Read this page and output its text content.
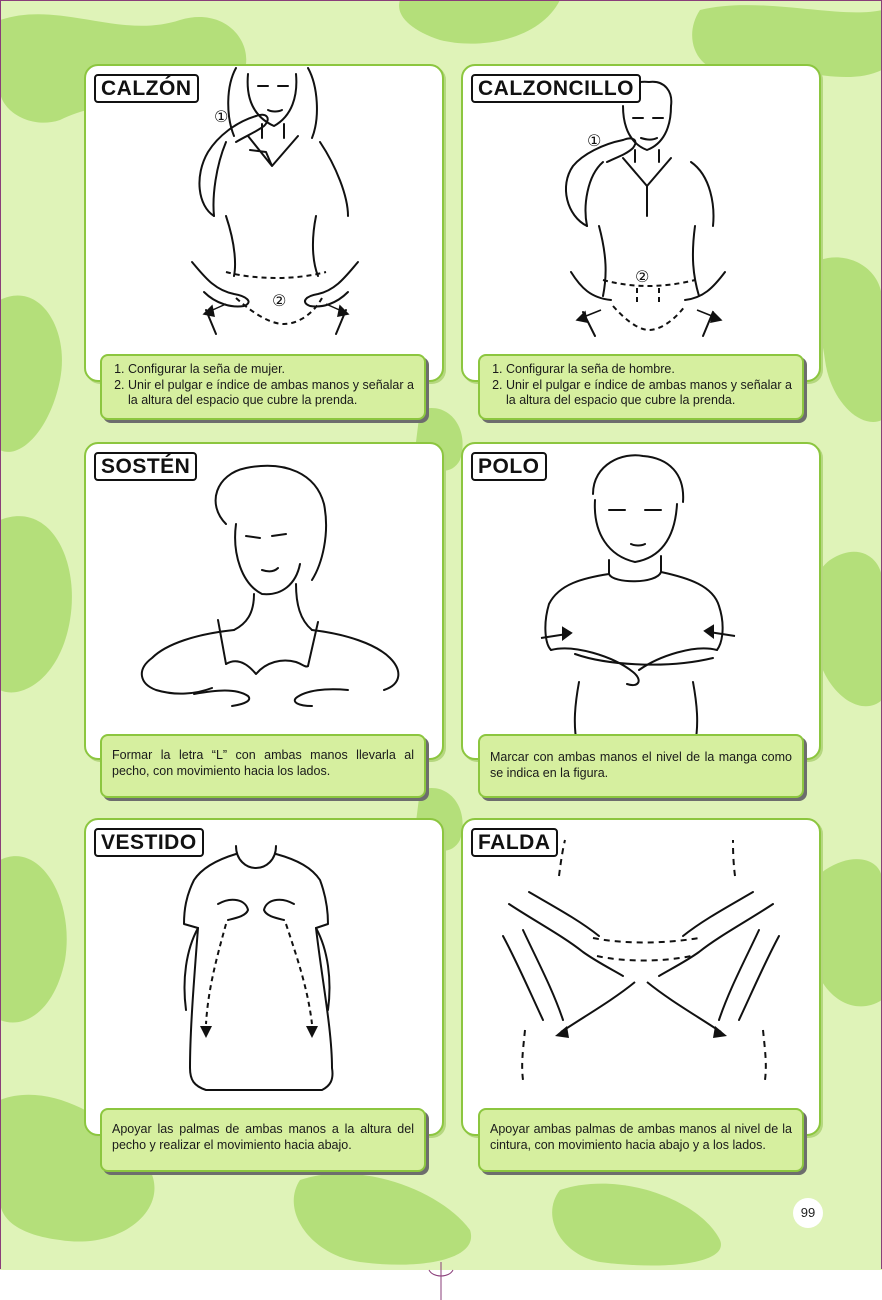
①
②
CALZÓN
1. Configurar la seña de mujer.
2. Unir el pulgar e índice de ambas manos y señalar a la altura del espacio que cubre la prenda.
①
②
CALZONCILLO
1. Configurar la seña de hombre.
2. Unir el pulgar e índice de ambas manos y señalar a la altura del espacio que cubre la prenda.
SOSTÉN

Formar la letra “L” con ambas manos llevarla al pecho, con movimiento hacia los lados.

POLO

Marcar con ambas manos el nivel de la manga como se indica en la figura.

VESTIDO

Apoyar las palmas de ambas manos a la altura del pecho y realizar el movimiento hacia abajo.

FALDA

Apoyar ambas palmas de ambas manos al nivel de la cintura, con movimiento hacia abajo y a los lados.

99
